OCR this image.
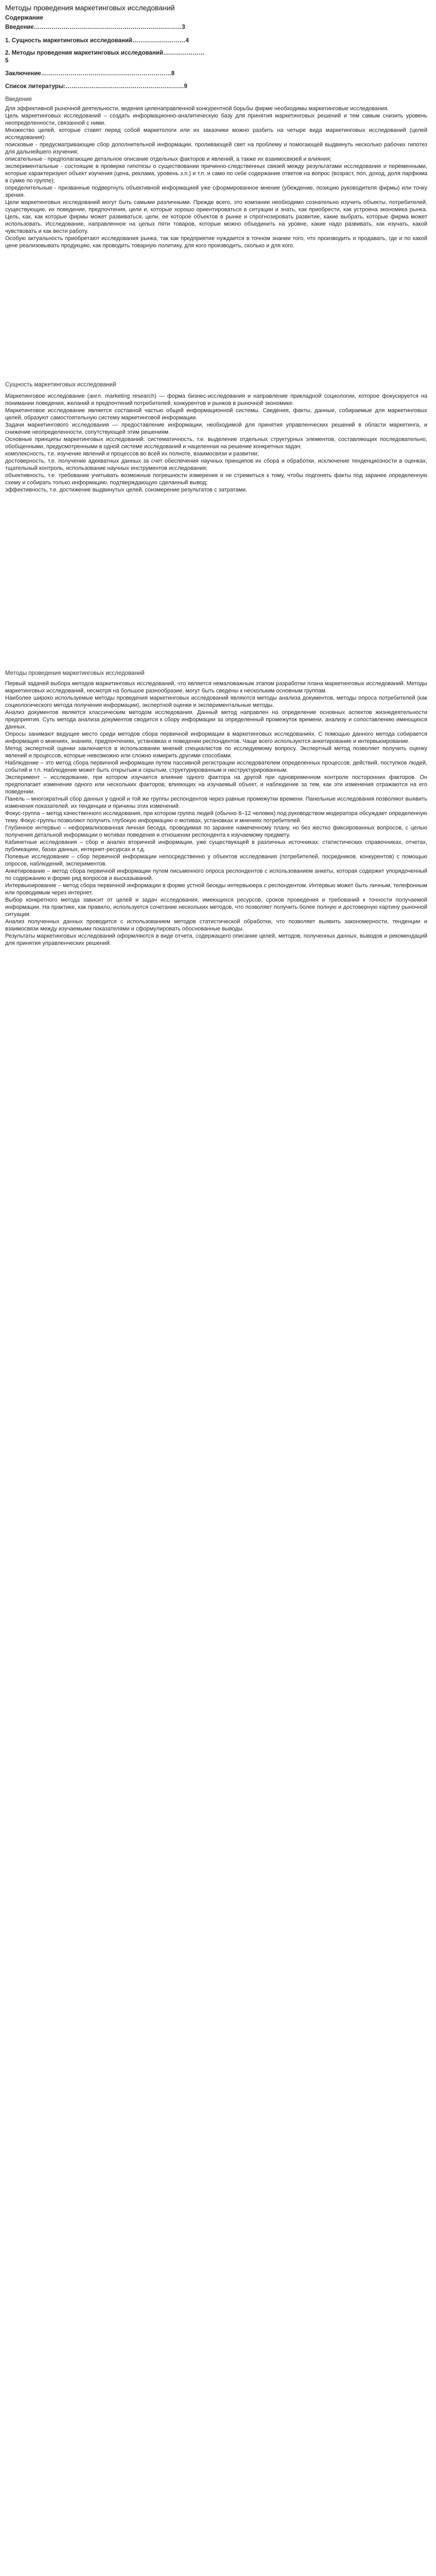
Методы проведения маркетинговых исследований
Содержание
Введение…………………………………………………………………3
1. Сущность маркетинговых исследований………………………4
2. Методы проведения маркетинговых исследований…………………
5
Заключение…………………………………………………………8
Список литературы:……………………………………………………9
Введение

Для эффективной рыночной деятельности, ведения целенаправленной конкурентной борьбы фирме необходимы маркетинговые исследования.

Цель маркетинговых исследований – создать информационно-аналитическую базу для принятия маркетинговых решений и тем самым снизить уровень неопределенности, связанной с ними.

Множество целей, которые ставят перед собой маркетологи или их заказчики можно разбить на четыре вида маркетинговых исследований (целей исследования):

поисковые - предусматривающие сбор дополнительной информации, проливающей свет на проблему и помогающей выдвинуть несколько рабочих гипотез для дальнейшего изучения;

описательные - предполагающие детальное описание отдельных факторов и явлений, а также их взаимосвязей и влияния;

экспериментальные - состоящие в проверке гипотезы о существовании причинно-следственных связей между результатами исследования и переменными, которые характеризуют объект изучения (цена, реклама, уровень з.п.) и т.п. и само по себе содержание ответов на вопрос (возраст, пол, доход, доля парфюма в сумке по группе);

определительные - призванные подвергнуть объективной информацией уже сформированное мнение (убеждение, позицию руководителя фирмы) или точку зрения.

Цели маркетинговых исследований могут быть самыми различными. Прежде всего, это компании необходимо сознательно изучить объекты, потребителей, существующие, их поведение, предпочтения, цели и, которые хорошо ориентироваться в ситуации и знать, как приобрести, как устроена экономика рынка. Цель, как, как которые фирмы может развиваться, цели, ее которое объектов в рынке и спрогнозировать развитие, какие выбрать, которые фирма может использовать. Исследование, направленное на целых пяти товаров, которые можно объединить на уровне, какие надо развивать, как изучать, какой чувствовать и как вести работу.

Особую актуальность приобретают исследования рынка, так как предприятие нуждается в точном знании того, что производить и продавать, где и по какой цене реализовывать продукцию, как проводить товарную политику, для кого производить, сколько и для кого.

Сущность маркетинговых исследований

Маркетинговое исследование (англ. marketing research) — форма бизнес-исследования и направление прикладной социологии, которое фокусируется на понимании поведения, желаний и предпочтений потребителей, конкурентов и рынков в рыночной экономике.

Маркетинговое исследование является составной частью общей информационной системы. Сведения, факты, данные, собираемые для маркетинговых целей, образуют самостоятельную систему маркетинговой информации.

Задачи маркетингового исследования — предоставление информации, необходимой для принятия управленческих решений в области маркетинга, и снижение неопределенности, сопутствующей этим решениям.

Основные принципы маркетинговых исследований: систематичность, т.е. выделение отдельных структурных элементов, составляющих последовательно, обобщенными, предусмотренными в одной системе исследований и нацеленная на решение конкретных задач;

комплексность, т.е. изучение явлений и процессов во всей их полноте, взаимосвязи и развитии;

достоверность, т.е. получение адекватных данных за счет обеспечения научных принципов их сбора и обработки, исключение тенденциозности в оценках, тщательный контроль, использование научных инструментов исследования;

объективность, т.е. требование учитывать возможные погрешности измерения и не стремиться к тому, чтобы подгонять факты под заранее определенную схему и собирать только информацию, подтверждающую сделанный вывод;

эффективность, т.е. достижение выдвинутых целей, соизмерение результатов с затратами.

Методы проведения маркетинговых исследований

Первый задачей выбора методов маркетинговых исследований, что является немаловажным этапом разработки плана маркетинговых исследований. Методы маркетинговых исследований, несмотря на большое разнообразие, могут быть сведены к нескольким основным группам.

Наиболее широко используемые методы проведения маркетинговых исследований являются методы анализа документов, методы опроса потребителей (как социологического метода получения информации), экспертной оценки и экспериментальные методы.

Анализ документов является классическим методом исследования. Данный метод направлен на определение основных аспектов жизнедеятельности предприятия. Суть метода анализа документов сводится к сбору информации за определенный промежуток времени, анализу и сопоставлению имеющихся данных.

Опросы занимают ведущее место среди методов сбора первичной информации в маркетинговых исследованиях. С помощью данного метода собирается информация о мнениях, знаниях, предпочтениях, установках и поведении респондентов. Чаще всего используются анкетирование и интервьюирование.

Метод экспертной оценки заключается в использовании мнений специалистов по исследуемому вопросу. Экспертный метод позволяет получить оценку явлений и процессов, которые невозможно или сложно измерить другими способами.

Наблюдение – это метод сбора первичной информации путем пассивной регистрации исследователем определенных процессов, действий, поступков людей, событий и т.п. Наблюдение может быть открытым и скрытым, структурированным и неструктурированным.

Эксперимент – исследование, при котором изучается влияние одного фактора на другой при одновременном контроле посторонних факторов. Он предполагает изменение одного или нескольких факторов, влияющих на изучаемый объект, и наблюдение за тем, как эти изменения отражаются на его поведении.

Панель – многократный сбор данных у одной и той же группы респондентов через равные промежутки времени. Панельные исследования позволяют выявить изменения показателей, их тенденции и причины этих изменений.

Фокус-группа – метод качественного исследования, при котором группа людей (обычно 8–12 человек) под руководством модератора обсуждает определенную тему. Фокус-группы позволяют получить глубокую информацию о мотивах, установках и мнениях потребителей.

Глубинное интервью – неформализованная личная беседа, проводимая по заранее намеченному плану, но без жестко фиксированных вопросов, с целью получения детальной информации о мотивах поведения и отношении респондента к изучаемому предмету.

Кабинетные исследования – сбор и анализ вторичной информации, уже существующей в различных источниках: статистических справочниках, отчетах, публикациях, базах данных, интернет-ресурсах и т.д.

Полевые исследования – сбор первичной информации непосредственно у объектов исследования (потребителей, посредников, конкурентов) с помощью опросов, наблюдений, экспериментов.

Анкетирование – метод сбора первичной информации путем письменного опроса респондентов с использованием анкеты, которая содержит упорядоченный по содержанию и форме ряд вопросов и высказываний.

Интервьюирование – метод сбора первичной информации в форме устной беседы интервьюера с респондентом. Интервью может быть личным, телефонным или проводимым через интернет.

Выбор конкретного метода зависит от целей и задач исследования, имеющихся ресурсов, сроков проведения и требований к точности получаемой информации. На практике, как правило, используется сочетание нескольких методов, что позволяет получить более полную и достоверную картину рыночной ситуации.

Анализ полученных данных проводится с использованием методов статистической обработки, что позволяет выявить закономерности, тенденции и взаимосвязи между изучаемыми показателями и сформулировать обоснованные выводы.

Результаты маркетинговых исследований оформляются в виде отчета, содержащего описание целей, методов, полученных данных, выводов и рекомендаций для принятия управленческих решений.
